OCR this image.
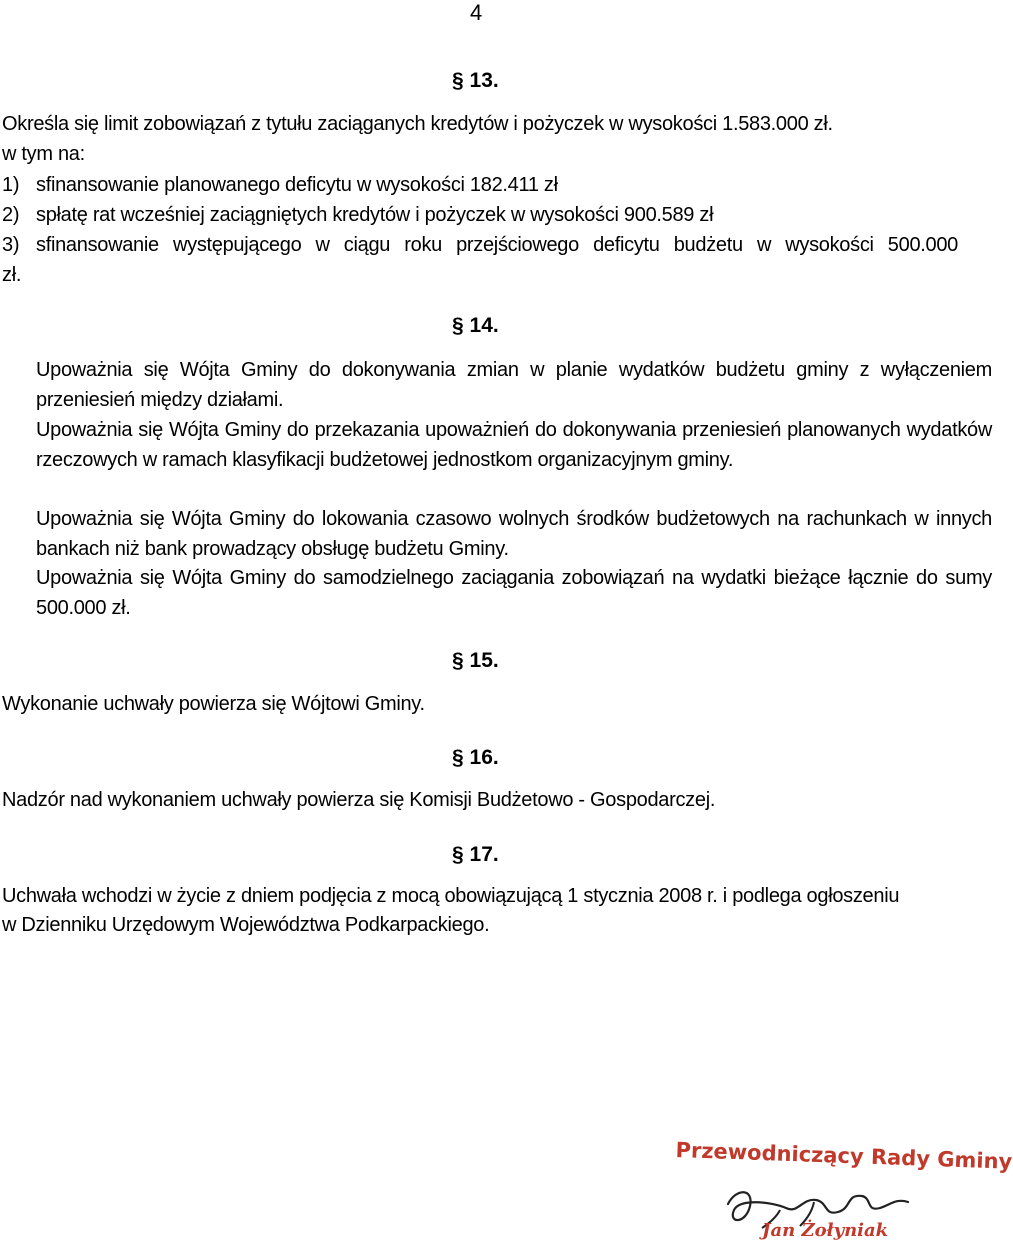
4
§ 13.
Określa się limit zobowiązań z tytułu zaciąganych kredytów i pożyczek w wysokości 1.583.000 zł.
w tym na:
1) sfinansowanie planowanego deficytu w wysokości 182.411 zł
2) spłatę rat wcześniej zaciągniętych kredytów i pożyczek w wysokości 900.589 zł
3) sfinansowanie występującego w ciągu roku przejściowego deficytu budżetu w wysokości 500.000 zł.
§ 14.
Upoważnia się Wójta Gminy do dokonywania zmian w planie wydatków budżetu gminy z wyłączeniem przeniesień między działami.
Upoważnia się Wójta Gminy do przekazania upoważnień do dokonywania przeniesień planowanych wydatków rzeczowych w ramach klasyfikacji budżetowej jednostkom organizacyjnym gminy.
Upoważnia się Wójta Gminy do lokowania czasowo wolnych środków budżetowych na rachunkach w innych bankach niż bank prowadzący obsługę budżetu Gminy.
Upoważnia się Wójta Gminy do samodzielnego zaciągania zobowiązań na wydatki bieżące łącznie do sumy 500.000 zł.
§ 15.
Wykonanie uchwały powierza się Wójtowi Gminy.
§ 16.
Nadzór nad wykonaniem uchwały powierza się Komisji Budżetowo - Gospodarczej.
§ 17.
Uchwała wchodzi w życie z dniem podjęcia z mocą obowiązującą 1 stycznia 2008 r. i podlega ogłoszeniu w Dzienniku Urzędowym Województwa Podkarpackiego.
Przewodniczący Rady Gminy
Jan Żołyniak
